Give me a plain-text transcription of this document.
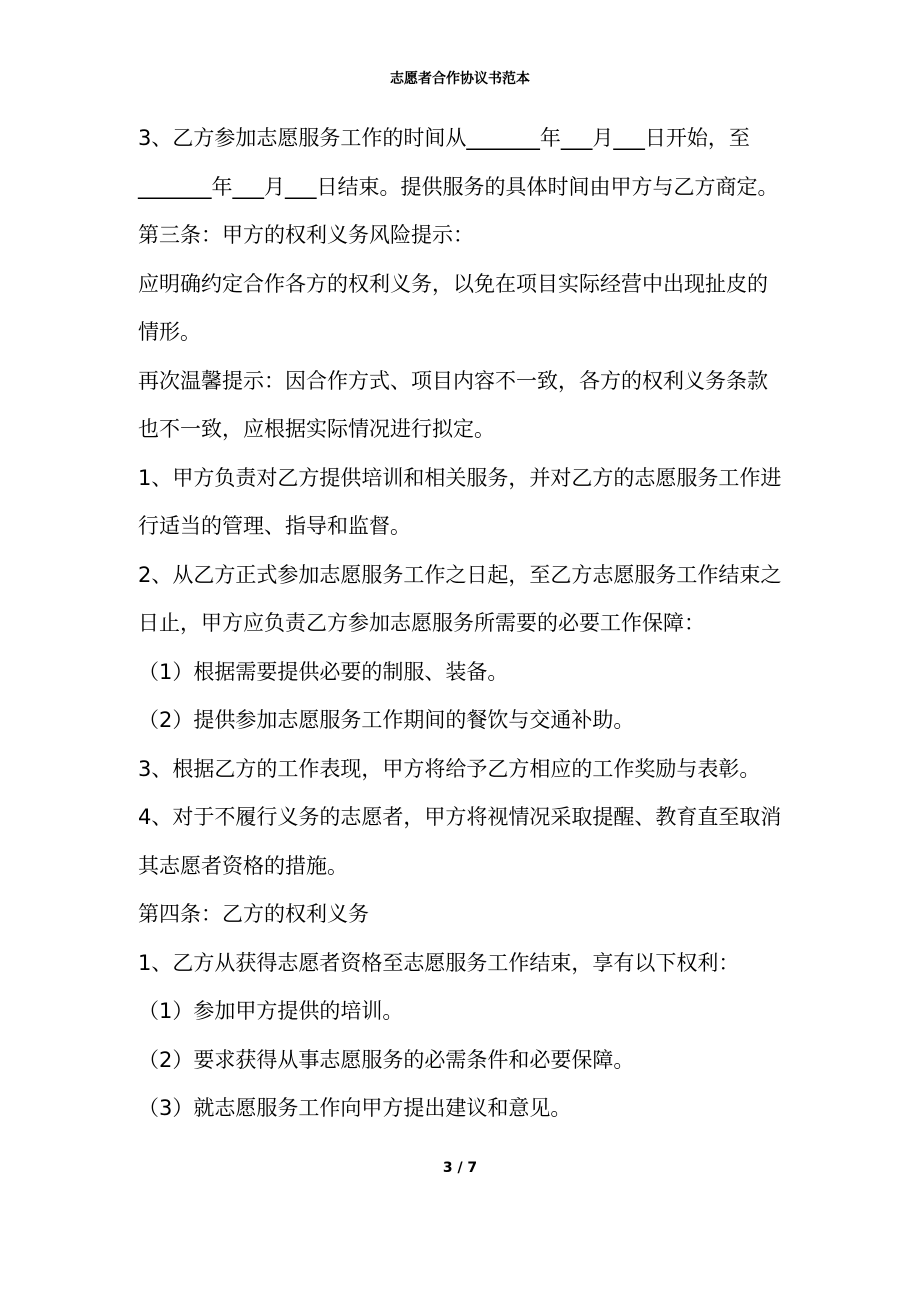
志愿者合作协议书范本

3、乙方参加志愿服务工作的时间从_______年___月___日开始，至_______年___月___日结束。提供服务的具体时间由甲方与乙方商定。

第三条：甲方的权利义务风险提示：

应明确约定合作各方的权利义务，以免在项目实际经营中出现扯皮的情形。

再次温馨提示：因合作方式、项目内容不一致，各方的权利义务条款也不一致，应根据实际情况进行拟定。

1、甲方负责对乙方提供培训和相关服务，并对乙方的志愿服务工作进行适当的管理、指导和监督。

2、从乙方正式参加志愿服务工作之日起，至乙方志愿服务工作结束之日止，甲方应负责乙方参加志愿服务所需要的必要工作保障：

（1）根据需要提供必要的制服、装备。

（2）提供参加志愿服务工作期间的餐饮与交通补助。

3、根据乙方的工作表现，甲方将给予乙方相应的工作奖励与表彰。

4、对于不履行义务的志愿者，甲方将视情况采取提醒、教育直至取消其志愿者资格的措施。

第四条：乙方的权利义务

1、乙方从获得志愿者资格至志愿服务工作结束，享有以下权利：

（1）参加甲方提供的培训。

（2）要求获得从事志愿服务的必需条件和必要保障。

（3）就志愿服务工作向甲方提出建议和意见。

3 / 7
